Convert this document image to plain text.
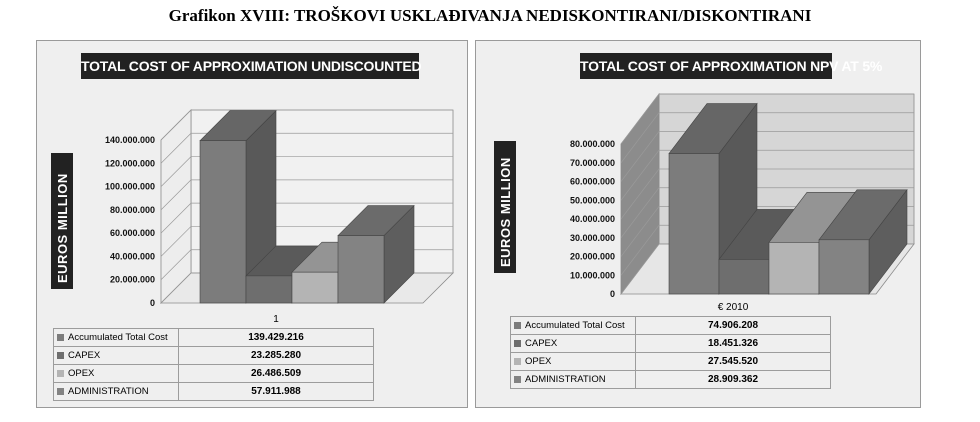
Grafikon XVIII: TROŠKOVI USKLAĐIVANJA NEDISKONTIRANI/DISKONTIRANI
0
20.000.000
40.000.000
60.000.000
80.000.000
100.000.000
120.000.000
140.000.000
TOTAL COST OF APPROXIMATION UNDISCOUNTED
EUROS MILLION
	1
Accumulated Total Cost	139.429.216
CAPEX	23.285.280
OPEX	26.486.509
ADMINISTRATION	57.911.988
0
10.000.000
20.000.000
30.000.000
40.000.000
50.000.000
60.000.000
70.000.000
80.000.000
TOTAL COST OF APPROXIMATION NPV AT 5%
EUROS MILLION
	€ 2010
Accumulated Total Cost	74.906.208
CAPEX	18.451.326
OPEX	27.545.520
ADMINISTRATION	28.909.362
